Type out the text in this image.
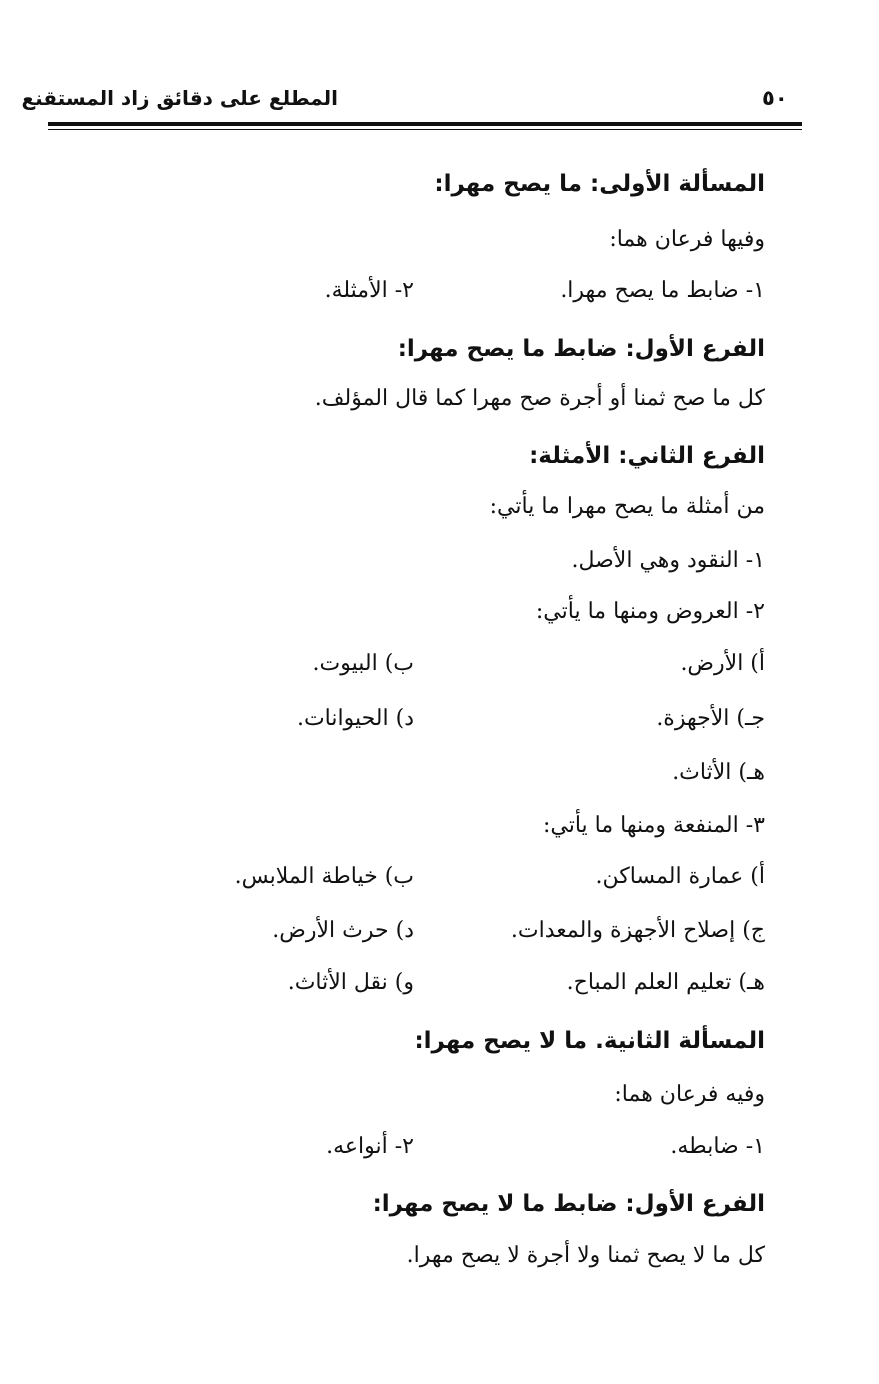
المطلع على دقائق زاد المستقنع	٥٠
المسألة الأولى: ما يصح مهرا:
وفيها فرعان هما:
١- ضابط ما يصح مهرا.
٢- الأمثلة.
الفرع الأول: ضابط ما يصح مهرا:
كل ما صح ثمنا أو أجرة صح مهرا كما قال المؤلف.
الفرع الثاني: الأمثلة:
من أمثلة ما يصح مهرا ما يأتي:
١- النقود وهي الأصل.
٢- العروض ومنها ما يأتي:
أ) الأرض.
ب) البيوت.
جـ) الأجهزة.
د) الحيوانات.
هـ) الأثاث.
٣- المنفعة ومنها ما يأتي:
أ) عمارة المساكن.
ب) خياطة الملابس.
ج) إصلاح الأجهزة والمعدات.
د) حرث الأرض.
هـ) تعليم العلم المباح.
و) نقل الأثاث.
المسألة الثانية. ما لا يصح مهرا:
وفيه فرعان هما:
١- ضابطه.
٢- أنواعه.
الفرع الأول: ضابط ما لا يصح مهرا:
كل ما لا يصح ثمنا ولا أجرة لا يصح مهرا.
